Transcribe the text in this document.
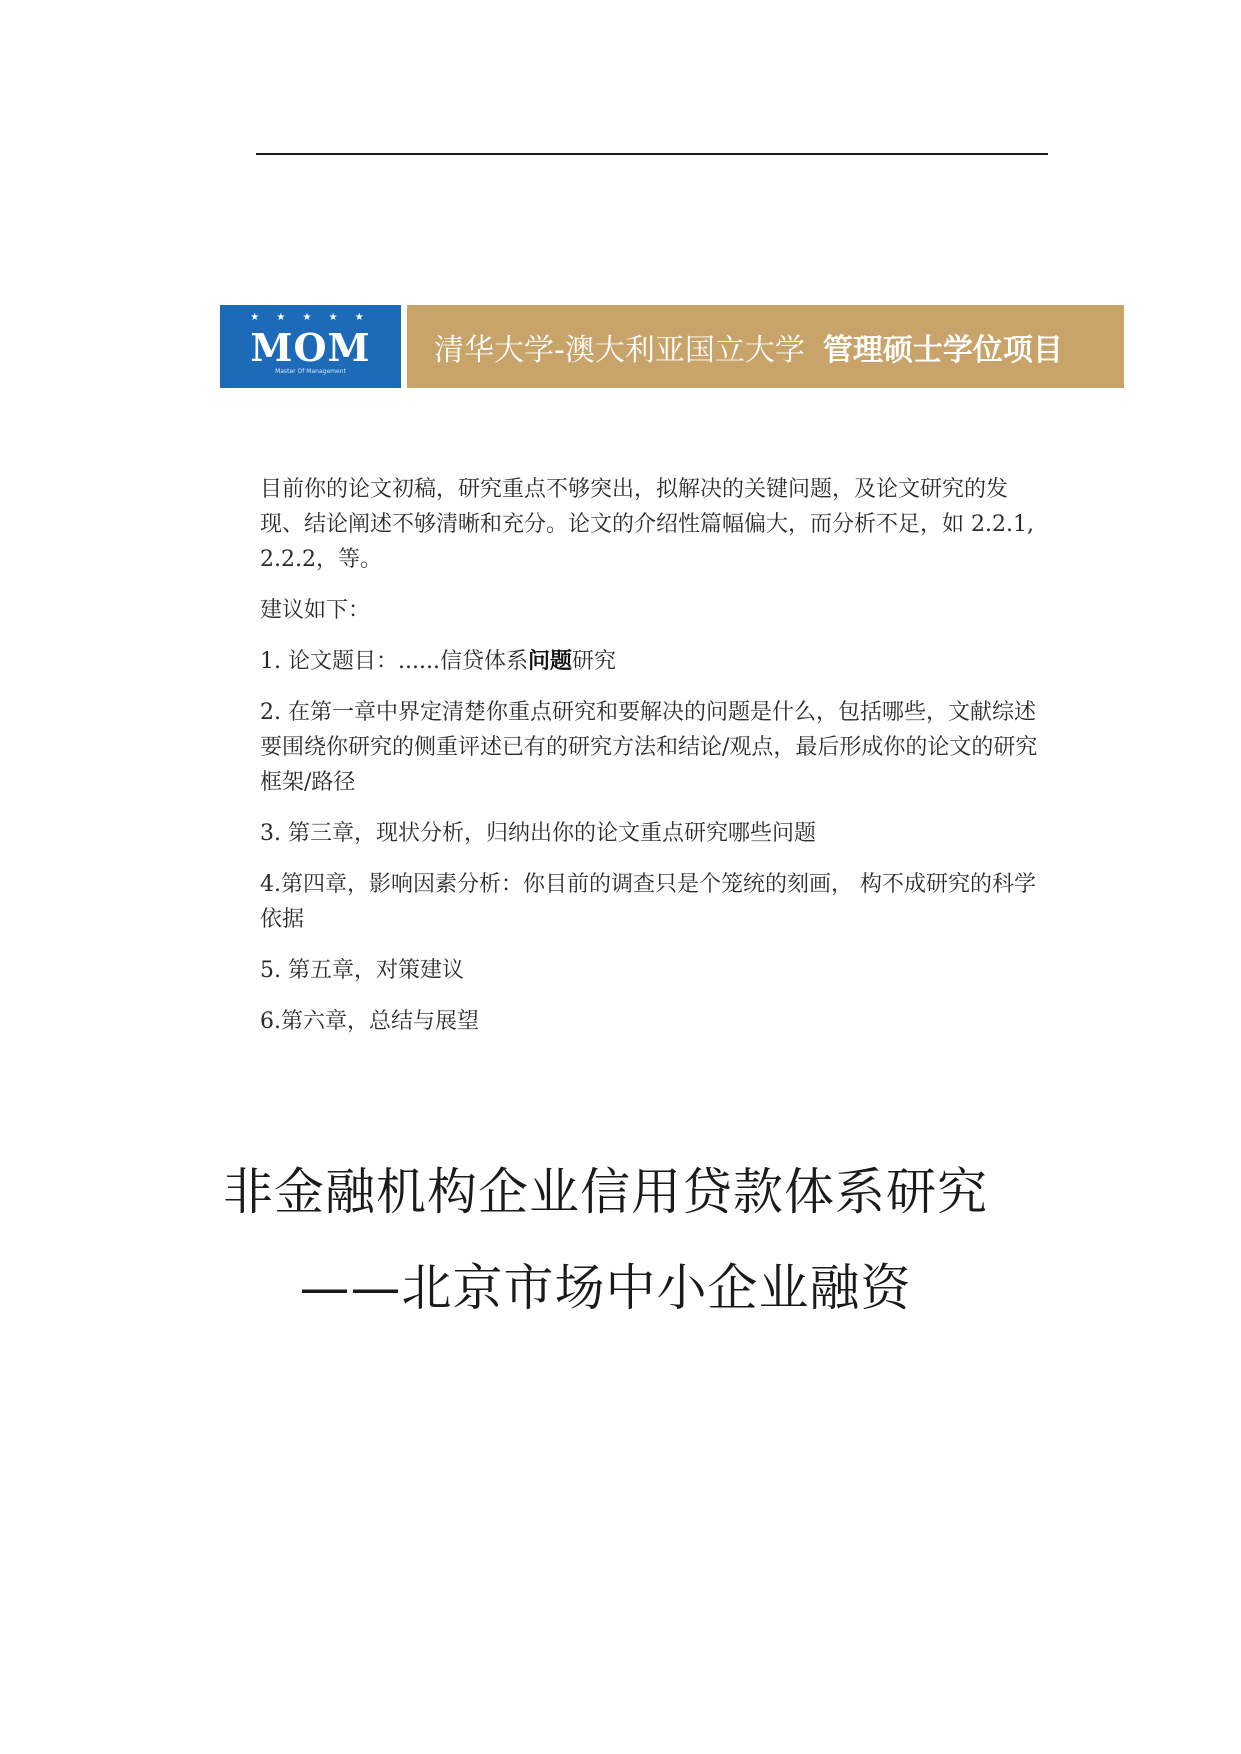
★ ★ ★ ★ ★
MOM
Master Of Management
清华大学-澳大利亚国立大学 管理硕士学位项目

目前你的论文初稿，研究重点不够突出，拟解决的关键问题，及论文研究的发现、结论阐述不够清晰和充分。论文的介绍性篇幅偏大，而分析不足，如 2.2.1, 2.2.2，等。

建议如下：

1. 论文题目：......信贷体系问题研究

2. 在第一章中界定清楚你重点研究和要解决的问题是什么，包括哪些，文献综述要围绕你研究的侧重评述已有的研究方法和结论/观点，最后形成你的论文的研究框架/路径

3. 第三章，现状分析，归纳出你的论文重点研究哪些问题

4.第四章，影响因素分析：你目前的调查只是个笼统的刻画， 构不成研究的科学依据

5. 第五章，对策建议

6.第六章，总结与展望

非金融机构企业信用贷款体系研究
——北京市场中小企业融资
